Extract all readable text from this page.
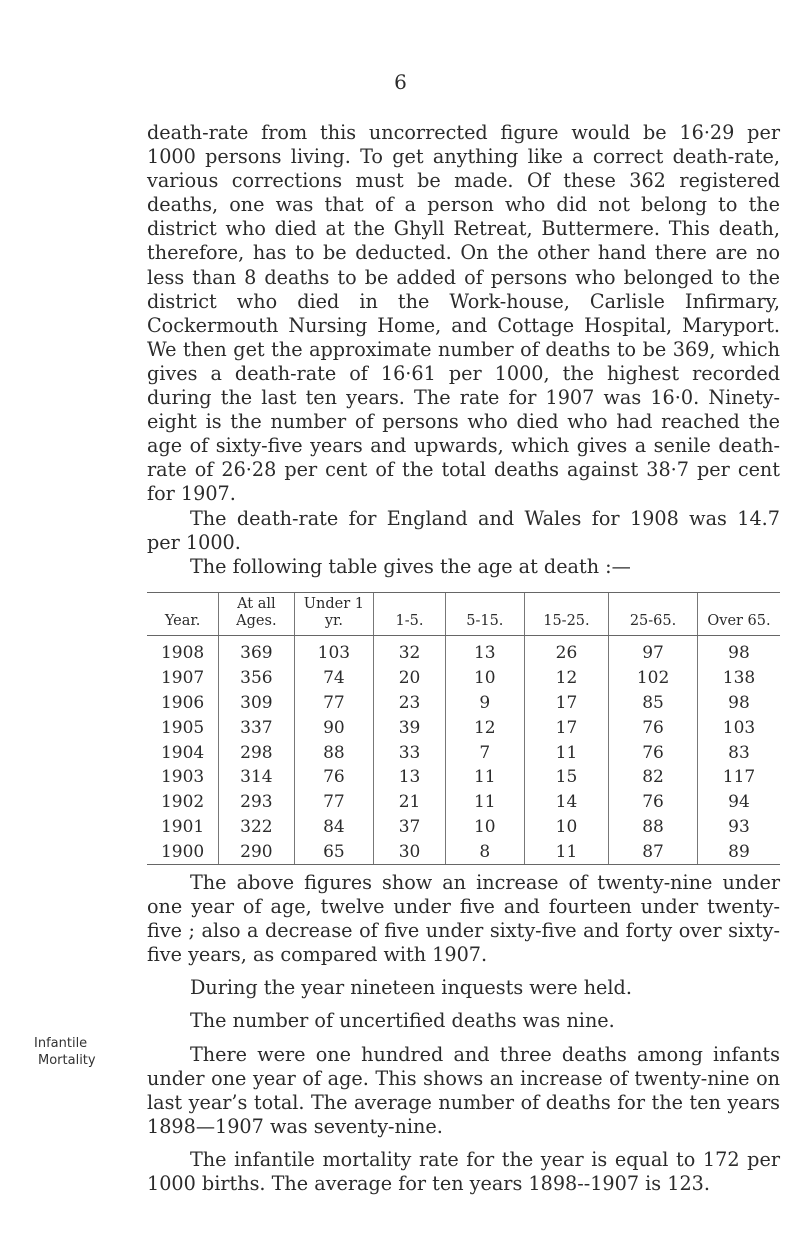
6

death-rate from this uncorrected figure would be 16·29 per 1000 persons living. To get anything like a correct death-rate, various corrections must be made. Of these 362 registered deaths, one was that of a person who did not belong to the district who died at the Ghyll Retreat, Buttermere. This death, therefore, has to be deducted. On the other hand there are no less than 8 deaths to be added of persons who belonged to the district who died in the Work-house, Carlisle Infirmary, Cockermouth Nursing Home, and Cottage Hospital, Maryport. We then get the approximate number of deaths to be 369, which gives a death-rate of 16·61 per 1000, the highest recorded during the last ten years. The rate for 1907 was 16·0. Ninety-eight is the number of persons who died who had reached the age of sixty-five years and upwards, which gives a senile death-rate of 26·28 per cent of the total deaths against 38·7 per cent for 1907.

The death-rate for England and Wales for 1908 was 14.7 per 1000.

The following table gives the age at death :—

Year.	At all Ages.	Under 1 yr.	1-5.	5-15.	15-25.	25-65.	Over 65.
1908	369	103	32	13	26	97	98
1907	356	74	20	10	12	102	138
1906	309	77	23	9	17	85	98
1905	337	90	39	12	17	76	103
1904	298	88	33	7	11	76	83
1903	314	76	13	11	15	82	117
1902	293	77	21	11	14	76	94
1901	322	84	37	10	10	88	93
1900	290	65	30	8	11	87	89

The above figures show an increase of twenty-nine under one year of age, twelve under five and fourteen under twenty-five ; also a decrease of five under sixty-five and forty over sixty-five years, as compared with 1907.

During the year nineteen inquests were held.

The number of uncertified deaths was nine.

There were one hundred and three deaths among infants under one year of age. This shows an increase of twenty-nine on last year’s total. The average number of deaths for the ten years 1898—1907 was seventy-nine.

The infantile mortality rate for the year is equal to 172 per 1000 births. The average for ten years 1898--1907 is 123.

Infantile
Mortality
